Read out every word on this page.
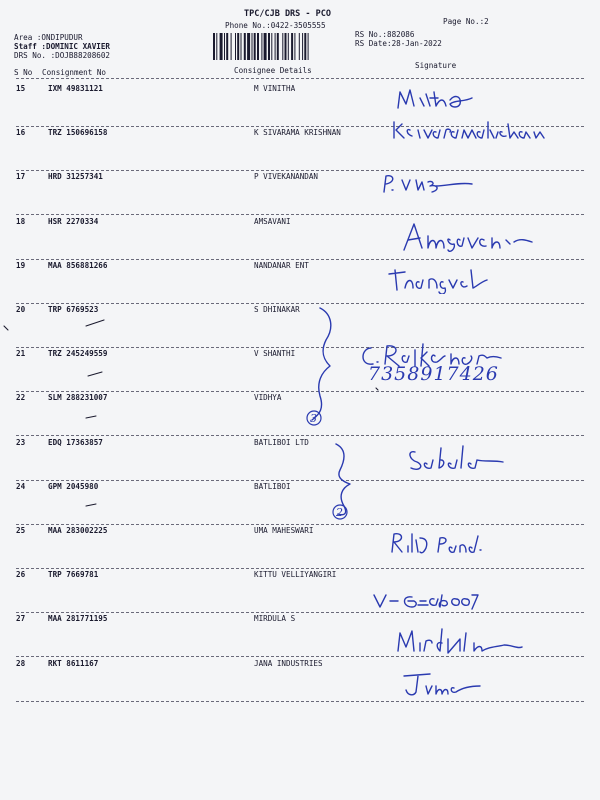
TPC/CJB DRS - PCO
Phone No.:0422-3505555	Page No.:2
Area :ONDIPUDUR
Staff :DOMINIC XAVIER
DRS No. :DOJB88208602
RS No.:882086
RS Date:28-Jan-2022
S No Consignment No	Consignee Details
Signature
15	IXM 49831121	M VINITHA
16	TRZ 150696158	K SIVARAMA KRISHNAN
17	HRD 31257341	P VIVEKANANDAN
18	HSR 2270334	AMSAVANI
19	MAA 856881266	NANDANAR ENT
20	TRP 6769523	S DHINAKAR
21	TRZ 245249559	V SHANTHI
22	SLM 288231007	VIDHYA
23	EDQ 17363857	BATLIBOI LTD
24	GPM 2045980	BATLIBOI
25	MAA 283002225	UMA MAHESWARI
26	TRP 7669781	KITTU VELLIYANGIRI
27	MAA 281771195	MIRDULA S
28	RKT 8611167	JANA INDUSTRIES
7358917426
3
2
